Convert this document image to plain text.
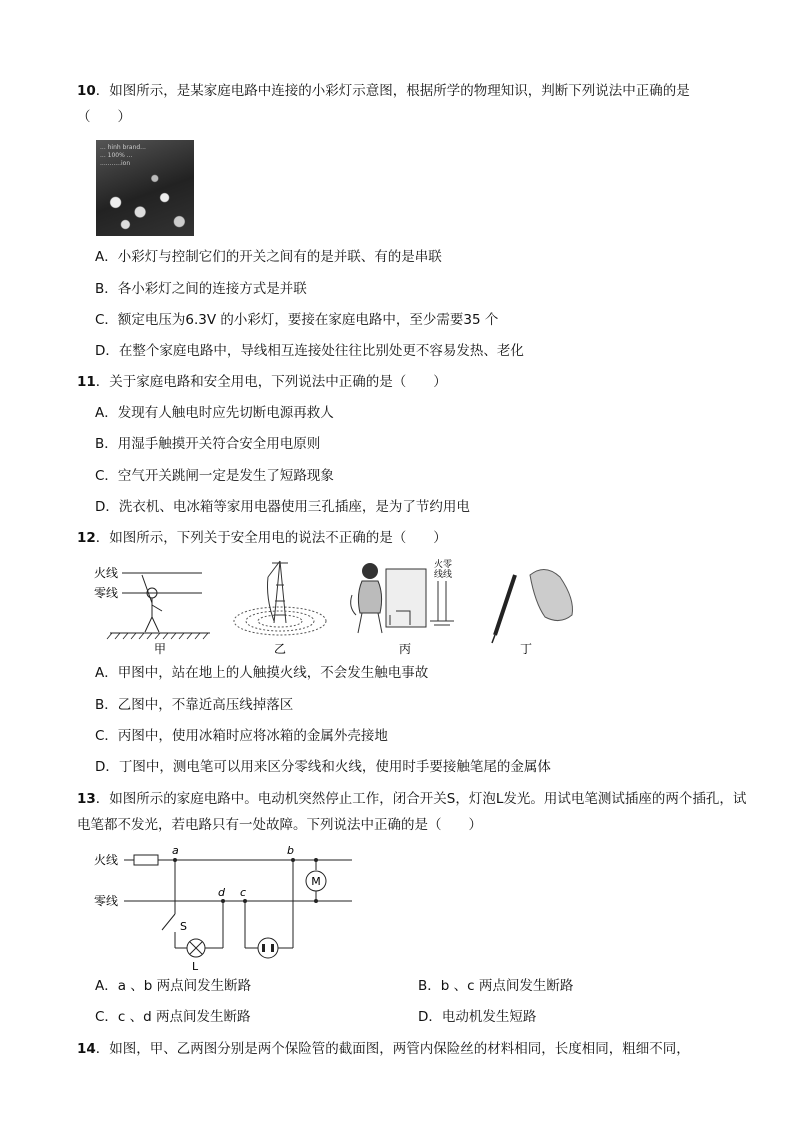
10．如图所示，是某家庭电路中连接的小彩灯示意图，根据所学的物理知识，判断下列说法中正确的是
（　　）
... hinh brand...
... 100% ...
...........ion
A．小彩灯与控制它们的开关之间有的是并联、有的是串联
B．各小彩灯之间的连接方式是并联
C．额定电压为6.3V 的小彩灯，要接在家庭电路中，至少需要35 个
D．在整个家庭电路中，导线相互连接处往往比别处更不容易发热、老化
11．关于家庭电路和安全用电，下列说法中正确的是（　　）
A．发现有人触电时应先切断电源再救人
B．用湿手触摸开关符合安全用电原则
C．空气开关跳闸一定是发生了短路现象
D．洗衣机、电冰箱等家用电器使用三孔插座，是为了节约用电
12．如图所示，下列关于安全用电的说法不正确的是（　　）
火线
零线
甲	乙
火零
线线
丙	丁
A．甲图中，站在地上的人触摸火线，不会发生触电事故
B．乙图中，不靠近高压线掉落区
C．丙图中，使用冰箱时应将冰箱的金属外壳接地
D．丁图中，测电笔可以用来区分零线和火线，使用时手要接触笔尾的金属体
13．如图所示的家庭电路中。电动机突然停止工作，闭合开关S，灯泡L发光。用试电笔测试插座的两个插孔，试电笔都不发光，若电路只有一处故障。下列说法中正确的是（　　）
火线
零线
a	b
d c
S
L
M
A．a 、b 两点间发生断路	B．b 、c 两点间发生断路
C．c 、d 两点间发生断路	D．电动机发生短路
14．如图，甲、乙两图分别是两个保险管的截面图，两管内保险丝的材料相同，长度相同，粗细不同，
